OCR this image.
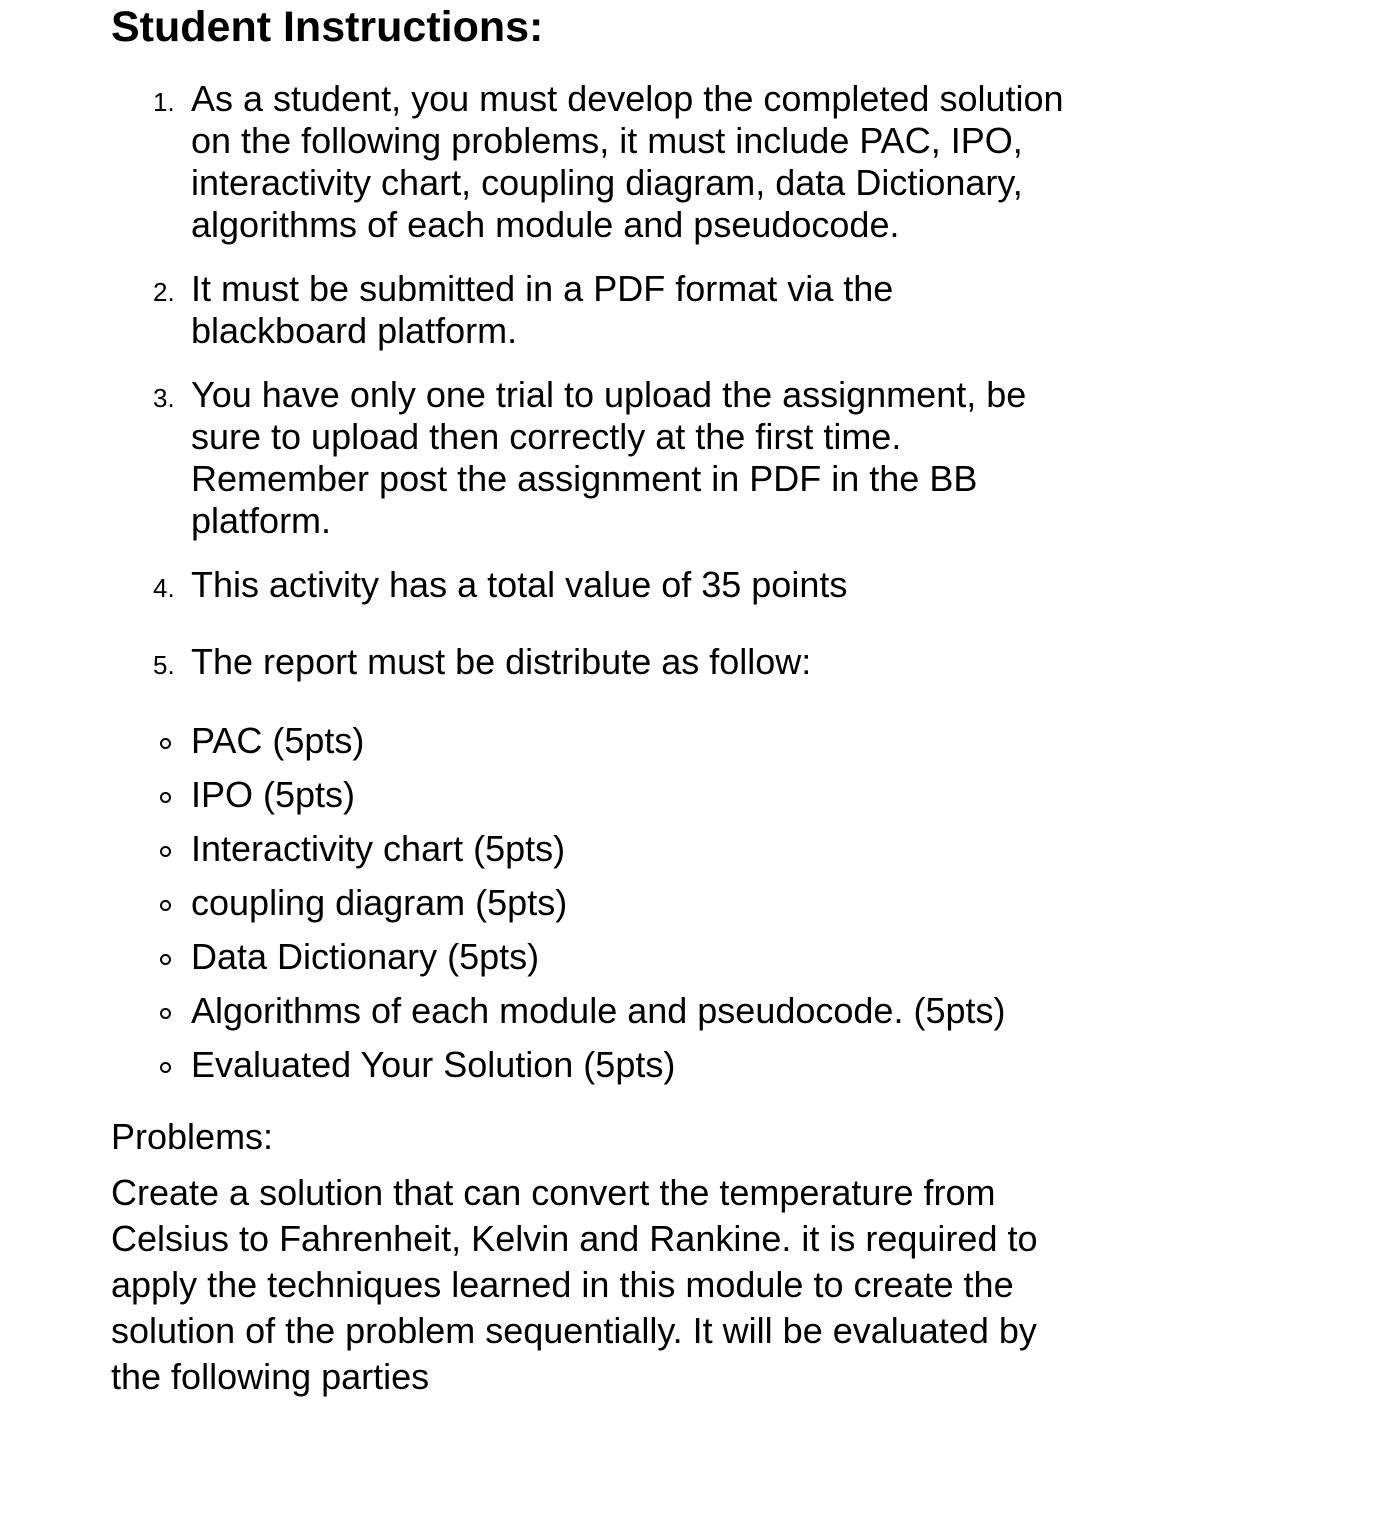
Student Instructions:
1. As a student, you must develop the completed solution on the following problems, it must include PAC, IPO, interactivity chart, coupling diagram, data Dictionary, algorithms of each module and pseudocode.
2. It must be submitted in a PDF format via the blackboard platform.
3. You have only one trial to upload the assignment, be sure to upload then correctly at the first time. Remember post the assignment in PDF in the BB platform.
4. This activity has a total value of 35 points
5. The report must be distribute as follow:
PAC (5pts)
IPO (5pts)
Interactivity chart (5pts)
coupling diagram (5pts)
Data Dictionary (5pts)
Algorithms of each module and pseudocode. (5pts)
Evaluated Your Solution (5pts)

Problems:

Create a solution that can convert the temperature from Celsius to Fahrenheit, Kelvin and Rankine. it is required to apply the techniques learned in this module to create the solution of the problem sequentially. It will be evaluated by the following parties
